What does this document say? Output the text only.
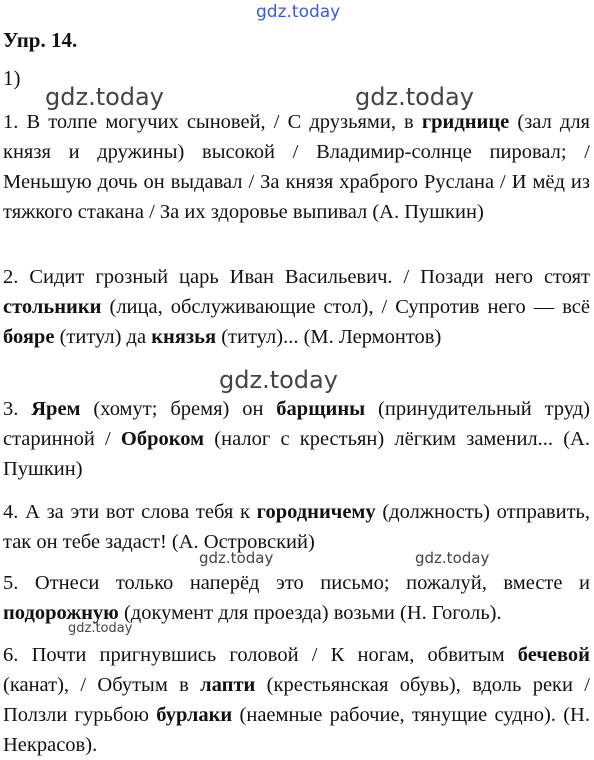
gdz.today
Упр. 14.
1)

1. В толпе могучих сыновей, / С друзьями, в гриднице (зал для князя и дружины) высокой / Владимир-солнце пировал; / Меньшую дочь он выдавал / За князя храброго Руслана / И мёд из тяжкого стакана / За их здоровье выпивал (А. Пушкин)

2. Сидит грозный царь Иван Васильевич. / Позади него стоят стольники (лица, обслуживающие стол), / Супротив него — всё бояре (титул) да князья (титул)... (М. Лермонтов)

3. Ярем (хомут; бремя) он барщины (принудительный труд) старинной / Оброком (налог с крестьян) лёгким заменил... (А. Пушкин)

4. А за эти вот слова тебя к городничему (должность) отправить, так он тебе задаст! (А. Островский)

5. Отнеси только наперёд это письмо; пожалуй, вместе и подорожную (документ для проезда) возьми (Н. Гоголь).

6. Почти пригнувшись головой / К ногам, обвитым бечевой (канат), / Обутым в лапти (крестьянская обувь), вдоль реки / Ползли гурьбою бурлаки (наемные рабочие, тянущие судно). (Н. Некрасов).

gdz.today	gdz.today
gdz.today
gdz.today	gdz.today
gdz.today
